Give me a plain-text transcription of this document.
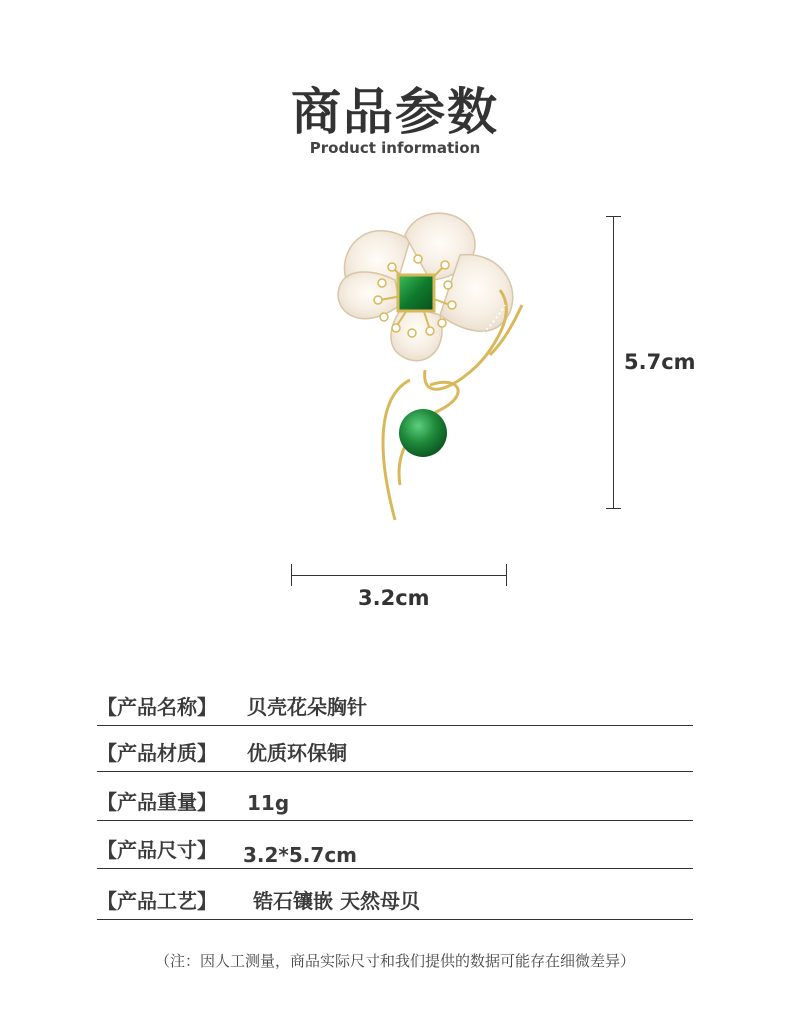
商品参数
Product information
5.7cm
3.2cm
【产品名称】 贝壳花朵胸针
【产品材质】 优质环保铜
【产品重量】 11g
【产品尺寸】 3.2*5.7cm
【产品工艺】 锆石镶嵌 天然母贝
（注：因人工测量，商品实际尺寸和我们提供的数据可能存在细微差异）
